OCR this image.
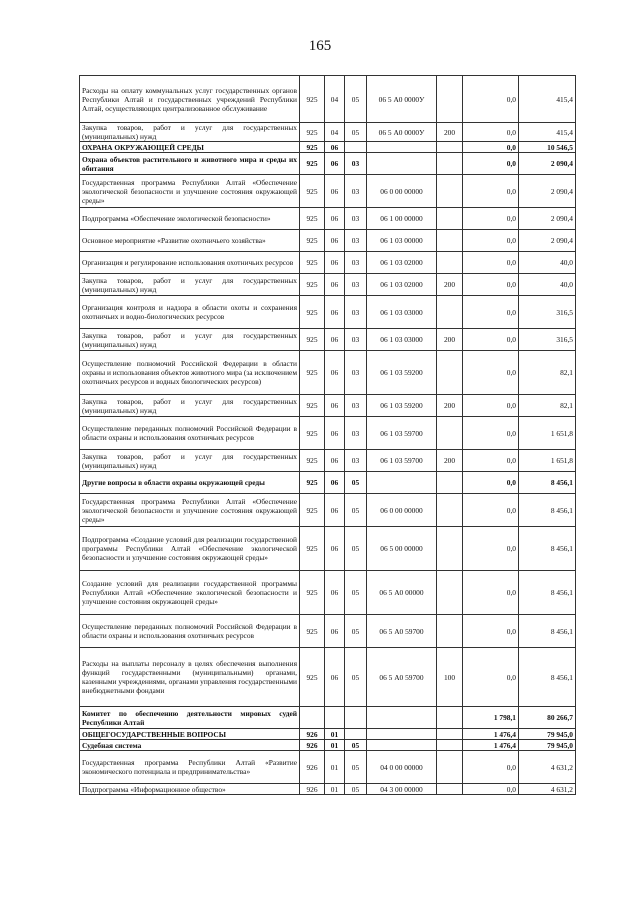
165
Расходы на оплату коммунальных услуг государственных органов Республики Алтай и государственных учреждений Республики Алтай, осуществляющих централизованное обслуживание	925	04	05	06 5 А0 0000У		0,0	415,4
Закупка товаров, работ и услуг для государственных (муниципальных) нужд	925	04	05	06 5 А0 0000У	200	0,0	415,4
ОХРАНА ОКРУЖАЮЩЕЙ СРЕДЫ	925	06				0,0	10 546,5
Охрана объектов растительного и животного мира и среды их обитания	925	06	03			0,0	2 090,4
Государственная программа Республики Алтай «Обеспечение экологической безопасности и улучшение состояния окружающей среды»	925	06	03	06 0 00 00000		0,0	2 090,4
Подпрограмма «Обеспечение экологической безопасности»	925	06	03	06 1 00 00000		0,0	2 090,4
Основное мероприятие «Развитие охотничьего хозяйства»	925	06	03	06 1 03 00000		0,0	2 090,4
Организация и регулирование использования охотничьих ресурсов	925	06	03	06 1 03 02000		0,0	40,0
Закупка товаров, работ и услуг для государственных (муниципальных) нужд	925	06	03	06 1 03 02000	200	0,0	40,0
Организация контроля и надзора в области охоты и сохранения охотничьих и водно-биологических ресурсов	925	06	03	06 1 03 03000		0,0	316,5
Закупка товаров, работ и услуг для государственных (муниципальных) нужд	925	06	03	06 1 03 03000	200	0,0	316,5
Осуществление полномочий Российской Федерации в области охраны и использования объектов животного мира (за исключением охотничьих ресурсов и водных биологических ресурсов)	925	06	03	06 1 03 59200		0,0	82,1
Закупка товаров, работ и услуг для государственных (муниципальных) нужд	925	06	03	06 1 03 59200	200	0,0	82,1
Осуществление переданных полномочий Российской Федерации в области охраны и использования охотничьих ресурсов	925	06	03	06 1 03 59700		0,0	1 651,8
Закупка товаров, работ и услуг для государственных (муниципальных) нужд	925	06	03	06 1 03 59700	200	0,0	1 651,8
Другие вопросы в области охраны окружающей среды	925	06	05			0,0	8 456,1
Государственная программа Республики Алтай «Обеспечение экологической безопасности и улучшение состояния окружающей среды»	925	06	05	06 0 00 00000		0,0	8 456,1
Подпрограмма «Создание условий для реализации государственной программы Республики Алтай «Обеспечение экологической безопасности и улучшение состояния окружающей среды»	925	06	05	06 5 00 00000		0,0	8 456,1
Создание условий для реализации государственной программы Республики Алтай «Обеспечение экологической безопасности и улучшение состояния окружающей среды»	925	06	05	06 5 А0 00000		0,0	8 456,1
Осуществление переданных полномочий Российской Федерации в области охраны и использования охотничьих ресурсов	925	06	05	06 5 А0 59700		0,0	8 456,1
Расходы на выплаты персоналу в целях обеспечения выполнения функций государственными (муниципальными) органами, казенными учреждениями, органами управления государственными внебюджетными фондами	925	06	05	06 5 А0 59700	100	0,0	8 456,1
Комитет по обеспечению деятельности мировых судей Республики Алтай						1 798,1	80 266,7
ОБЩЕГОСУДАРСТВЕННЫЕ ВОПРОСЫ	926	01				1 476,4	79 945,0
Судебная система	926	01	05			1 476,4	79 945,0
Государственная программа Республики Алтай «Развитие экономического потенциала и предпринимательства»	926	01	05	04 0 00 00000		0,0	4 631,2
Подпрограмма «Информационное общество»	926	01	05	04 3 00 00000		0,0	4 631,2
